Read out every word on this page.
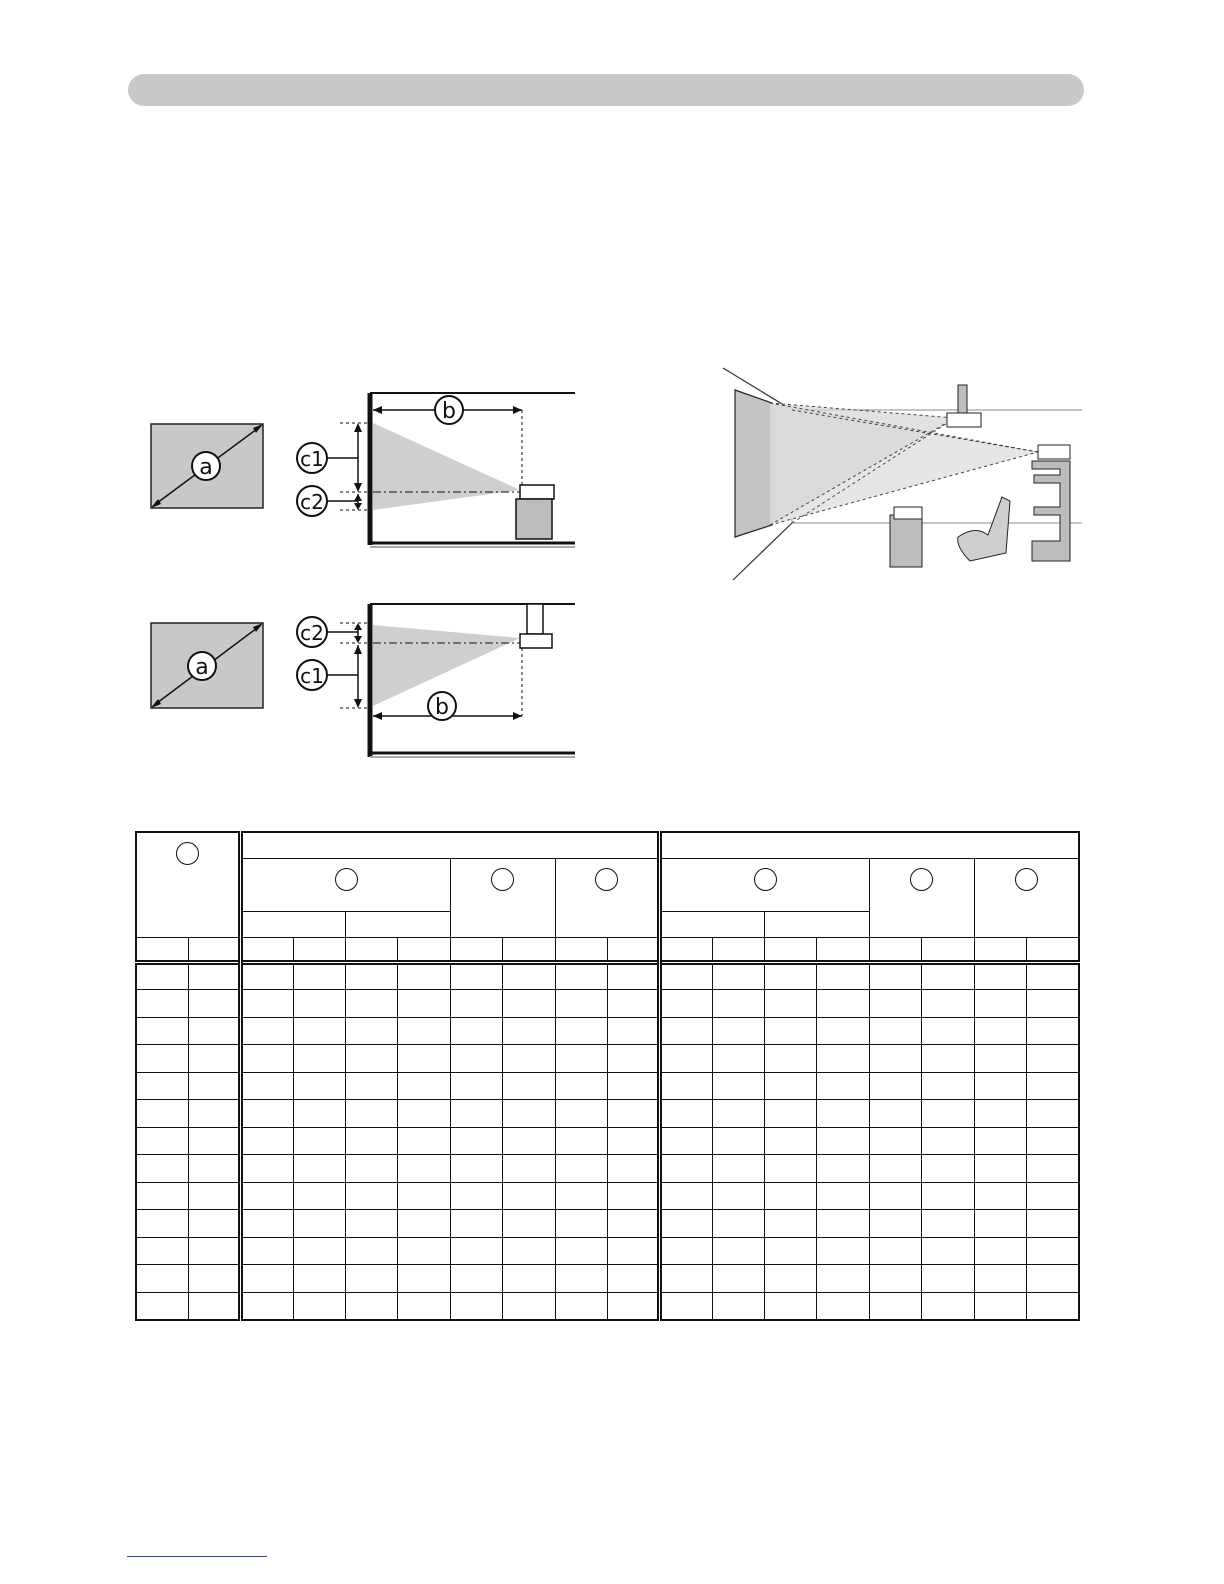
a
b
c1
c2
a
b
c2
c1
